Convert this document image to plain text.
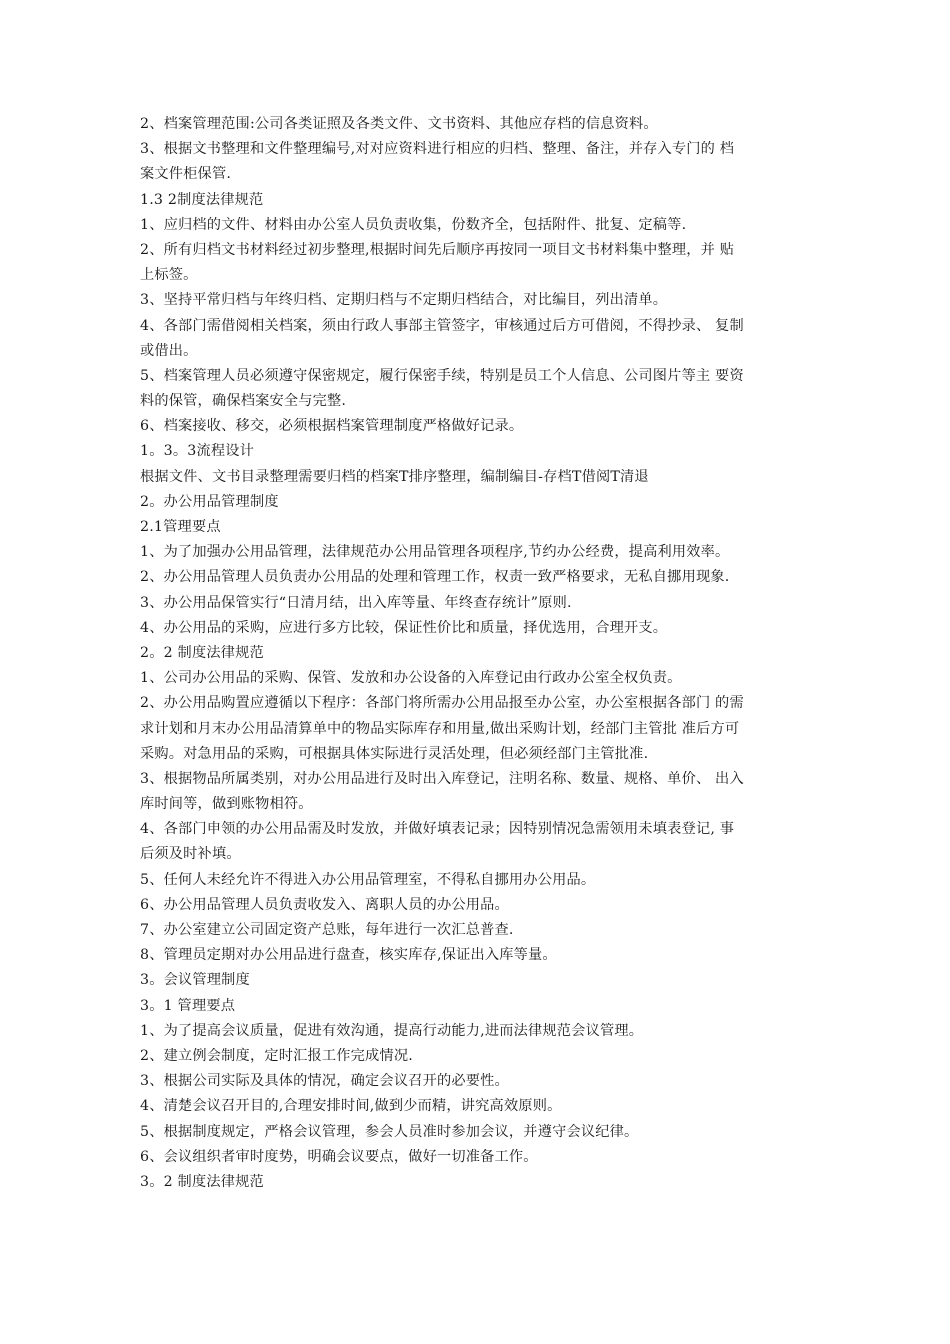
2、档案管理范围:公司各类证照及各类文件、文书资料、其他应存档的信息资料。
3、根据文书整理和文件整理编号,对对应资料进行相应的归档、整理、备注，并存入专门的 档
案文件柜保管.
1.3 2制度法律规范
1、应归档的文件、材料由办公室人员负责收集，份数齐全，包括附件、批复、定稿等.
2、所有归档文书材料经过初步整理,根据时间先后顺序再按同一项目文书材料集中整理，并 贴
上标签。
3、坚持平常归档与年终归档、定期归档与不定期归档结合，对比编目，列出清单。
4、各部门需借阅相关档案，须由行政人事部主管签字，审核通过后方可借阅，不得抄录、 复制
或借出。
5、档案管理人员必须遵守保密规定，履行保密手续，特别是员工个人信息、公司图片等主 要资
料的保管，确保档案安全与完整.
6、档案接收、移交，必须根据档案管理制度严格做好记录。
1。3。3流程设计
根据文件、文书目录整理需要归档的档案T排序整理，编制编目-存档T借阅T清退
2。办公用品管理制度
2.1管理要点
1、为了加强办公用品管理，法律规范办公用品管理各项程序,节约办公经费，提高利用效率。
2、办公用品管理人员负责办公用品的处理和管理工作，权责一致严格要求，无私自挪用现象.
3、办公用品保管实行“日清月结，出入库等量、年终查存统计”原则.
4、办公用品的采购，应进行多方比较，保证性价比和质量，择优选用，合理开支。
2。2 制度法律规范
1、公司办公用品的采购、保管、发放和办公设备的入库登记由行政办公室全权负责。
2、办公用品购置应遵循以下程序：各部门将所需办公用品报至办公室，办公室根据各部门 的需
求计划和月末办公用品清算单中的物品实际库存和用量,做出采购计划，经部门主管批 准后方可
采购。对急用品的采购，可根据具体实际进行灵活处理，但必须经部门主管批准.
3、根据物品所属类别，对办公用品进行及时出入库登记，注明名称、数量、规格、单价、 出入
库时间等，做到账物相符。
4、各部门申领的办公用品需及时发放，并做好填表记录；因特别情况急需领用未填表登记, 事
后须及时补填。
5、任何人未经允许不得进入办公用品管理室，不得私自挪用办公用品。
6、办公用品管理人员负责收发入、离职人员的办公用品。
7、办公室建立公司固定资产总账，每年进行一次汇总普查.
8、管理员定期对办公用品进行盘查，核实库存,保证出入库等量。
3。会议管理制度
3。1 管理要点
1、为了提高会议质量，促进有效沟通，提高行动能力,进而法律规范会议管理。
2、建立例会制度，定时汇报工作完成情况.
3、根据公司实际及具体的情况，确定会议召开的必要性。
4、清楚会议召开目的,合理安排时间,做到少而精，讲究高效原则。
5、根据制度规定，严格会议管理，参会人员准时参加会议，并遵守会议纪律。
6、会议组织者审时度势，明确会议要点，做好一切准备工作。
3。2 制度法律规范
